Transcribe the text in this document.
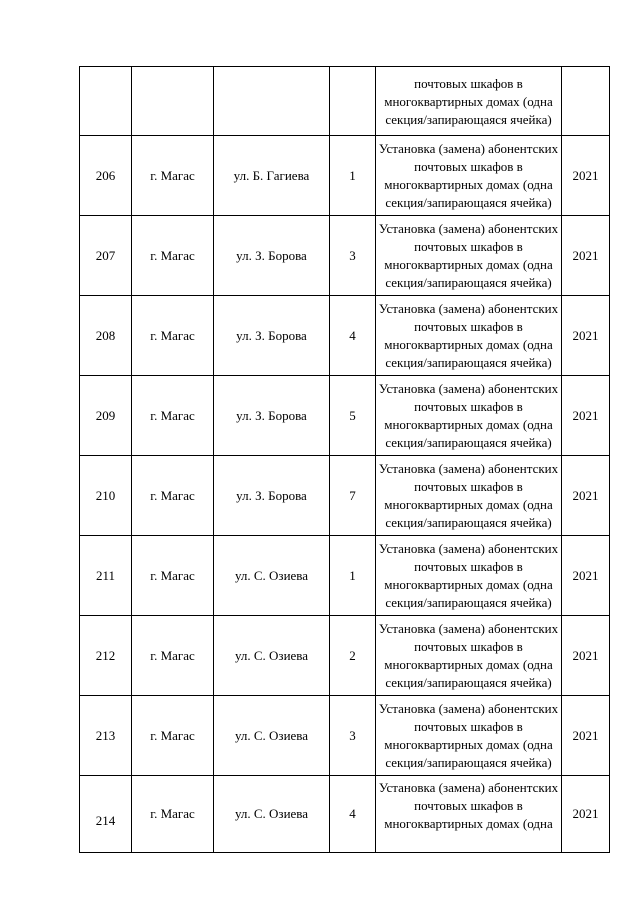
				почтовых шкафов в многоквартирных домах (одна секция/запирающаяся ячейка)	
206	г. Магас	ул. Б. Гагиева	1	Установка (замена) абонентских почтовых шкафов в многоквартирных домах (одна секция/запирающаяся ячейка)	2021
207	г. Магас	ул. З. Борова	3	Установка (замена) абонентских почтовых шкафов в многоквартирных домах (одна секция/запирающаяся ячейка)	2021
208	г. Магас	ул. З. Борова	4	Установка (замена) абонентских почтовых шкафов в многоквартирных домах (одна секция/запирающаяся ячейка)	2021
209	г. Магас	ул. З. Борова	5	Установка (замена) абонентских почтовых шкафов в многоквартирных домах (одна секция/запирающаяся ячейка)	2021
210	г. Магас	ул. З. Борова	7	Установка (замена) абонентских почтовых шкафов в многоквартирных домах (одна секция/запирающаяся ячейка)	2021
211	г. Магас	ул. С. Озиева	1	Установка (замена) абонентских почтовых шкафов в многоквартирных домах (одна секция/запирающаяся ячейка)	2021
212	г. Магас	ул. С. Озиева	2	Установка (замена) абонентских почтовых шкафов в многоквартирных домах (одна секция/запирающаяся ячейка)	2021
213	г. Магас	ул. С. Озиева	3	Установка (замена) абонентских почтовых шкафов в многоквартирных домах (одна секция/запирающаяся ячейка)	2021
214	г. Магас	ул. С. Озиева	4	Установка (замена) абонентских почтовых шкафов в многоквартирных домах (одна	2021
